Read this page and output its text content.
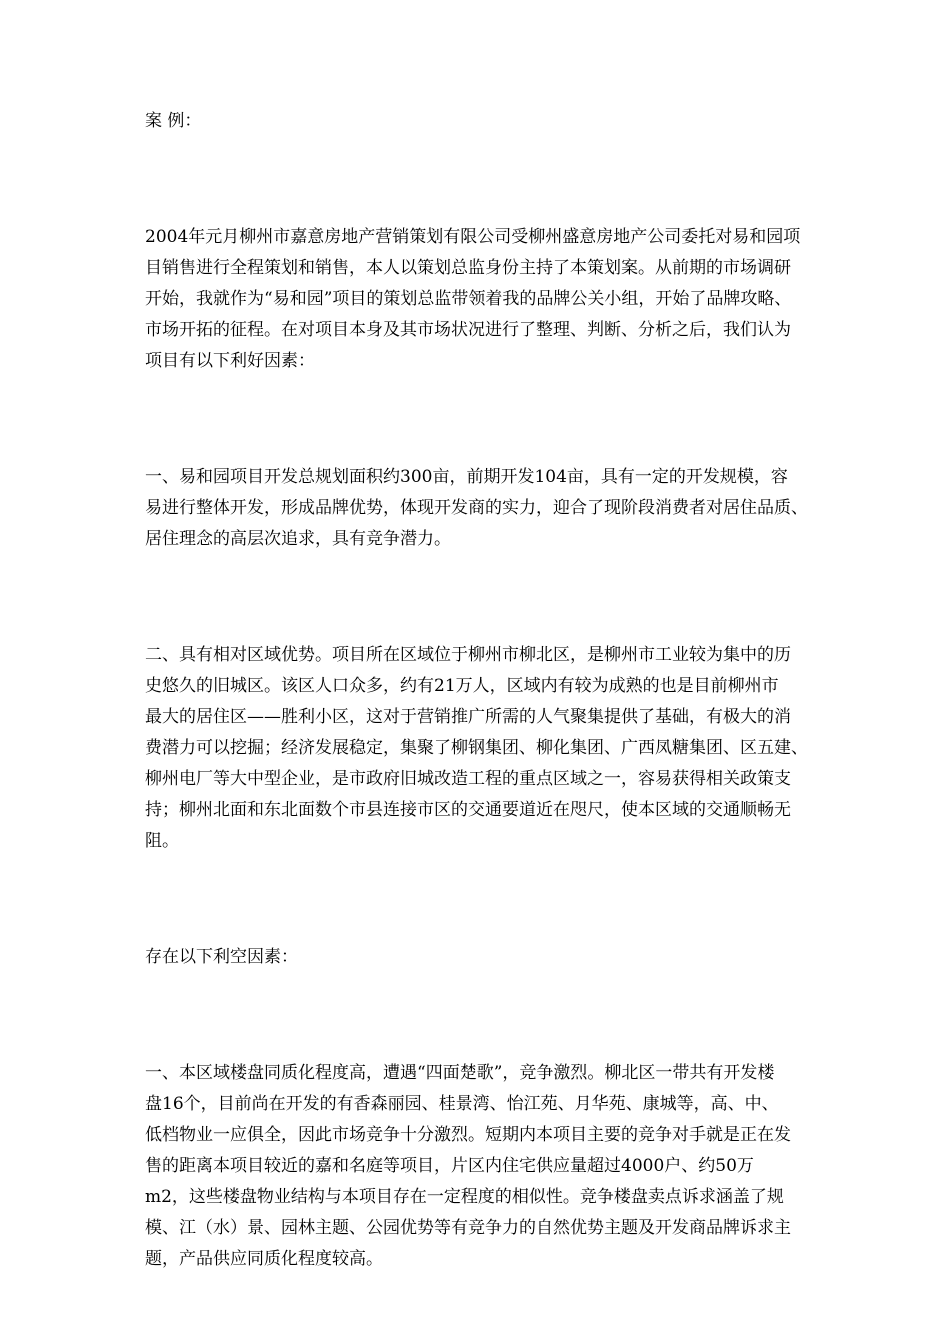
案 例：

2004年元月柳州市嘉意房地产营销策划有限公司受柳州盛意房地产公司委托对易和园项

目销售进行全程策划和销售，本人以策划总监身份主持了本策划案。从前期的市场调研

开始，我就作为“易和园”项目的策划总监带领着我的品牌公关小组，开始了品牌攻略、

市场开拓的征程。在对项目本身及其市场状况进行了整理、判断、分析之后，我们认为

项目有以下利好因素：

一、易和园项目开发总规划面积约300亩，前期开发104亩，具有一定的开发规模，容

易进行整体开发，形成品牌优势，体现开发商的实力，迎合了现阶段消费者对居住品质、

居住理念的高层次追求，具有竞争潜力。

二、具有相对区域优势。项目所在区域位于柳州市柳北区，是柳州市工业较为集中的历

史悠久的旧城区。该区人口众多，约有21万人，区域内有较为成熟的也是目前柳州市

最大的居住区——胜利小区，这对于营销推广所需的人气聚集提供了基础，有极大的消

费潜力可以挖掘；经济发展稳定，集聚了柳钢集团、柳化集团、广西凤糖集团、区五建、

柳州电厂等大中型企业，是市政府旧城改造工程的重点区域之一，容易获得相关政策支

持；柳州北面和东北面数个市县连接市区的交通要道近在咫尺，使本区域的交通顺畅无

阻。

存在以下利空因素：

一、本区域楼盘同质化程度高，遭遇“四面楚歌”，竞争激烈。柳北区一带共有开发楼

盘16个，目前尚在开发的有香森丽园、桂景湾、怡江苑、月华苑、康城等，高、中、

低档物业一应俱全，因此市场竞争十分激烈。短期内本项目主要的竞争对手就是正在发

售的距离本项目较近的嘉和名庭等项目，片区内住宅供应量超过4000户、约50万

m2，这些楼盘物业结构与本项目存在一定程度的相似性。竞争楼盘卖点诉求涵盖了规

模、江（水）景、园林主题、公园优势等有竞争力的自然优势主题及开发商品牌诉求主

题，产品供应同质化程度较高。
